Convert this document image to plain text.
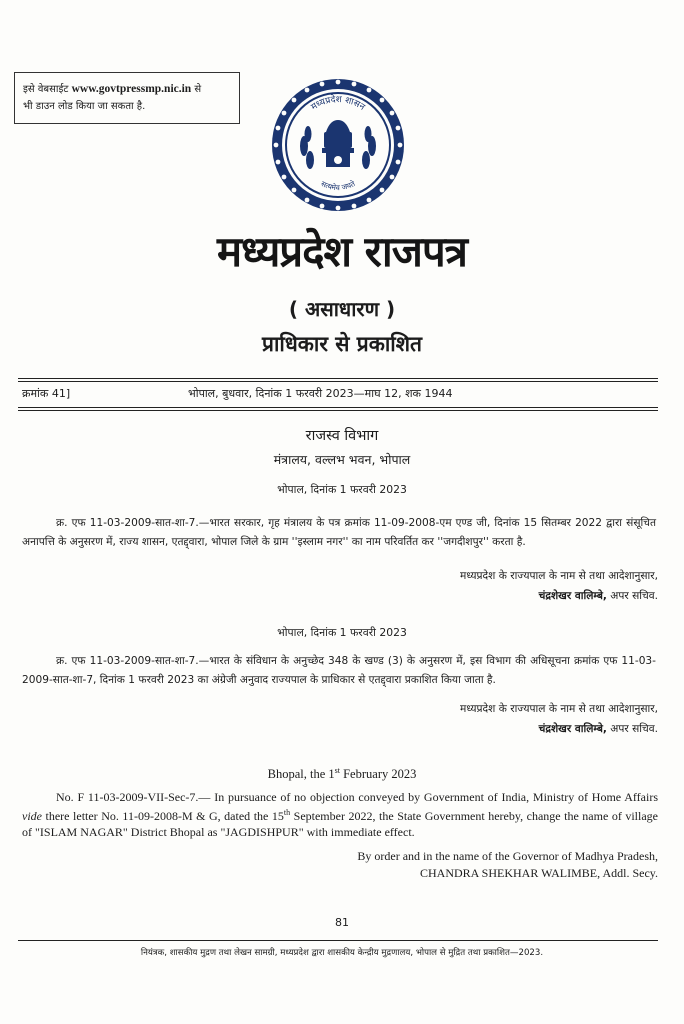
इसे वेबसाईट www.govtpressmp.nic.in से
भी डाउन लोड किया जा सकता है.	मध्यप्रदेश शासन
सत्यमेव जयते
मध्यप्रदेश राजपत्र
( असाधारण )
प्राधिकार से प्रकाशित
क्रमांक 41]	भोपाल, बुधवार, दिनांक 1 फरवरी 2023—माघ 12, शक 1944
राजस्व विभाग
मंत्रालय, वल्लभ भवन, भोपाल
भोपाल, दिनांक 1 फरवरी 2023
क्र. एफ 11-03-2009-सात-शा-7.—भारत सरकार, गृह मंत्रालय के पत्र क्रमांक 11-09-2008-एम एण्ड जी, दिनांक 15 सितम्बर 2022 द्वारा संसूचित अनापत्ति के अनुसरण में, राज्य शासन, एतद्द्वारा, भोपाल जिले के ग्राम ''इस्लाम नगर'' का नाम परिवर्तित कर ''जगदीशपुर'' करता है.
मध्यप्रदेश के राज्यपाल के नाम से तथा आदेशानुसार,
चंद्रशेखर वालिम्बे, अपर सचिव.
भोपाल, दिनांक 1 फरवरी 2023
क्र. एफ 11-03-2009-सात-शा-7.—भारत के संविधान के अनुच्छेद 348 के खण्ड (3) के अनुसरण में, इस विभाग की अधिसूचना क्रमांक एफ 11-03-2009-सात-शा-7, दिनांक 1 फरवरी 2023 का अंग्रेजी अनुवाद राज्यपाल के प्राधिकार से एतद्द्वारा प्रकाशित किया जाता है.
मध्यप्रदेश के राज्यपाल के नाम से तथा आदेशानुसार,
चंद्रशेखर वालिम्बे, अपर सचिव.
Bhopal, the 1st February 2023
No. F 11-03-2009-VII-Sec-7.— In pursuance of no objection conveyed by Government of India, Ministry of Home Affairs vide there letter No. 11-09-2008-M & G, dated the 15th September 2022, the State Government hereby, change the name of village of "ISLAM NAGAR" District Bhopal as "JAGDISHPUR" with immediate effect.
By order and in the name of the Governor of Madhya Pradesh,
CHANDRA SHEKHAR WALIMBE, Addl. Secy.
81
नियंत्रक, शासकीय मुद्रण तथा लेखन सामग्री, मध्यप्रदेश द्वारा शासकीय केन्द्रीय मुद्रणालय, भोपाल से मुद्रित तथा प्रकाशित—2023.
